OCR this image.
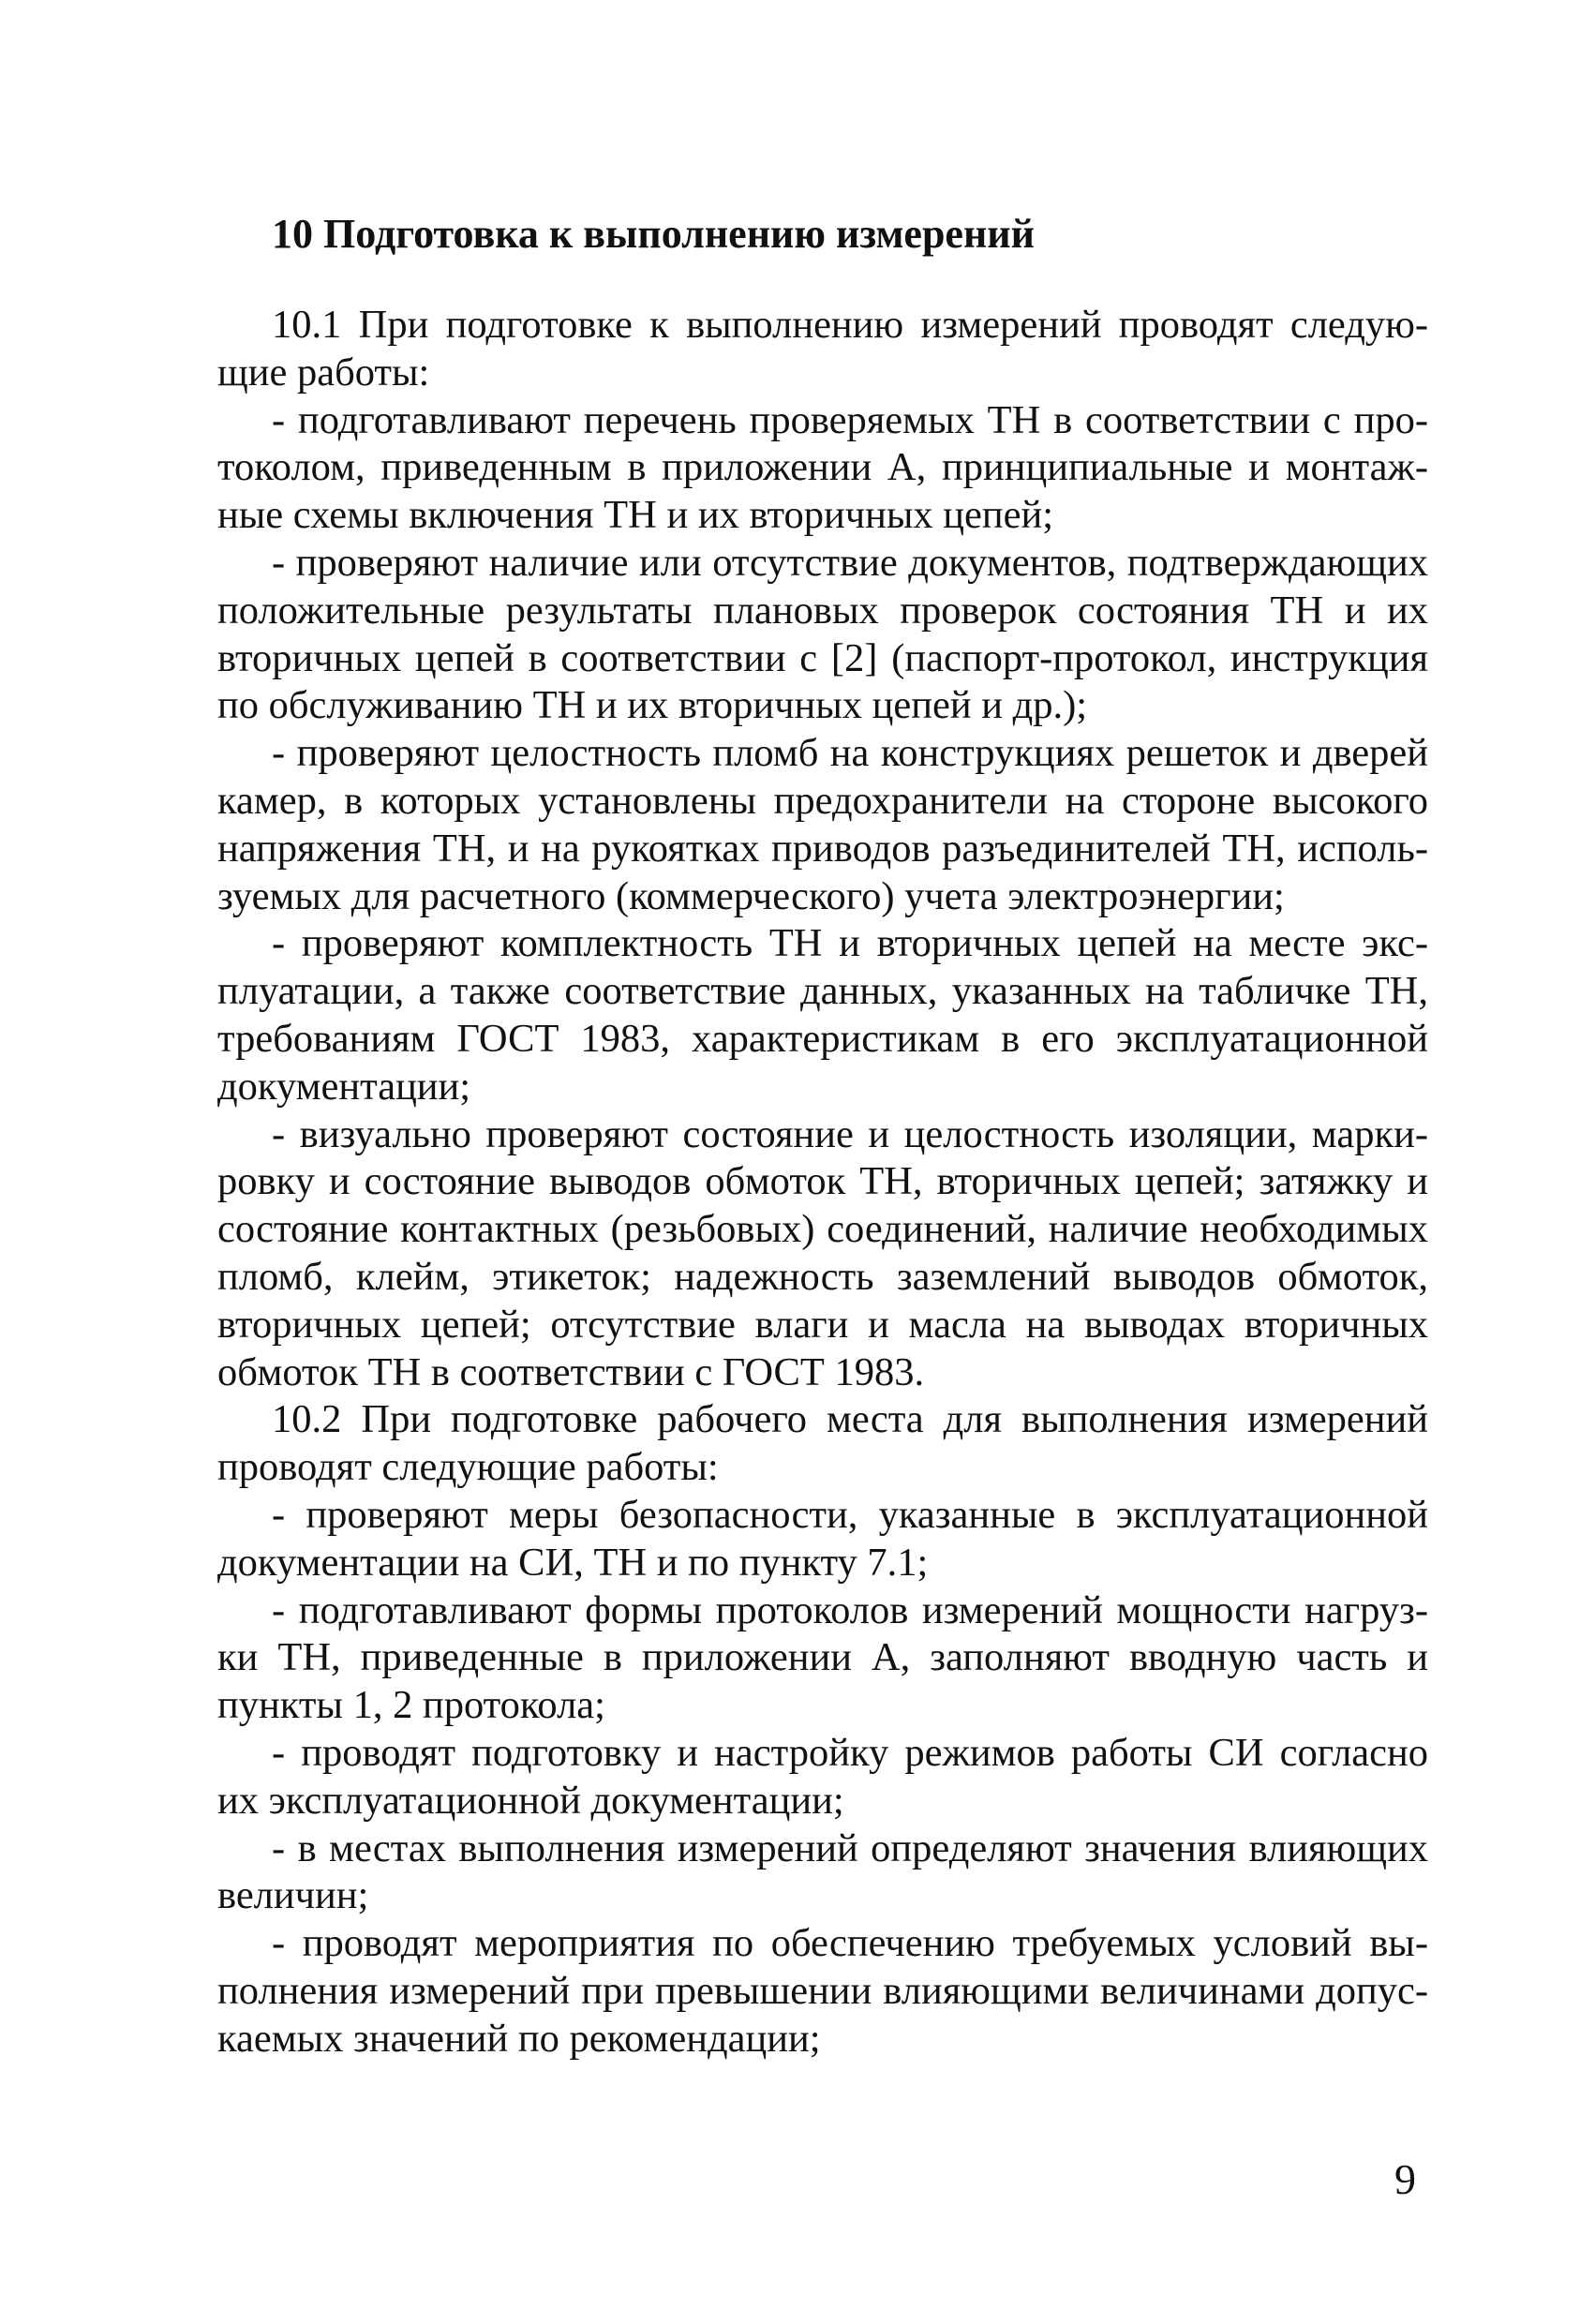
10 Подготовка к выполнению измерений

10.1 При подготовке к выполнению измерений проводят следующие работы:

- подготавливают перечень проверяемых ТН в соответствии с протоколом, приведенным в приложении А, принципиальные и монтажные схемы включения ТН и их вторичных цепей;

- проверяют наличие или отсутствие документов, подтверждающих положительные результаты плановых проверок состояния ТН и их вторичных цепей в соответствии с [2] (паспорт-протокол, инструкция по обслуживанию ТН и их вторичных цепей и др.);

- проверяют целостность пломб на конструкциях решеток и дверей камер, в которых установлены предохранители на стороне высокого напряжения ТН, и на рукоятках приводов разъединителей ТН, используемых для расчетного (коммерческого) учета электроэнергии;

- проверяют комплектность ТН и вторичных цепей на месте эксплуатации, а также соответствие данных, указанных на табличке ТН, требованиям ГОСТ 1983, характеристикам в его эксплуатационной документации;

- визуально проверяют состояние и целостность изоляции, маркировку и состояние выводов обмоток ТН, вторичных цепей; затяжку и состояние контактных (резьбовых) соединений, наличие необходимых пломб, клейм, этикеток; надежность заземлений выводов обмоток, вторичных цепей; отсутствие влаги и масла на выводах вторичных обмоток ТН в соответствии с ГОСТ 1983.

10.2 При подготовке рабочего места для выполнения измерений проводят следующие работы:

- проверяют меры безопасности, указанные в эксплуатационной документации на СИ, ТН и по пункту 7.1;

- подготавливают формы протоколов измерений мощности нагрузки ТН, приведенные в приложении А, заполняют вводную часть и пункты 1, 2 протокола;

- проводят подготовку и настройку режимов работы СИ согласно их эксплуатационной документации;

- в местах выполнения измерений определяют значения влияющих величин;

- проводят мероприятия по обеспечению требуемых условий выполнения измерений при превышении влияющими величинами допускаемых значений по рекомендации;

9
